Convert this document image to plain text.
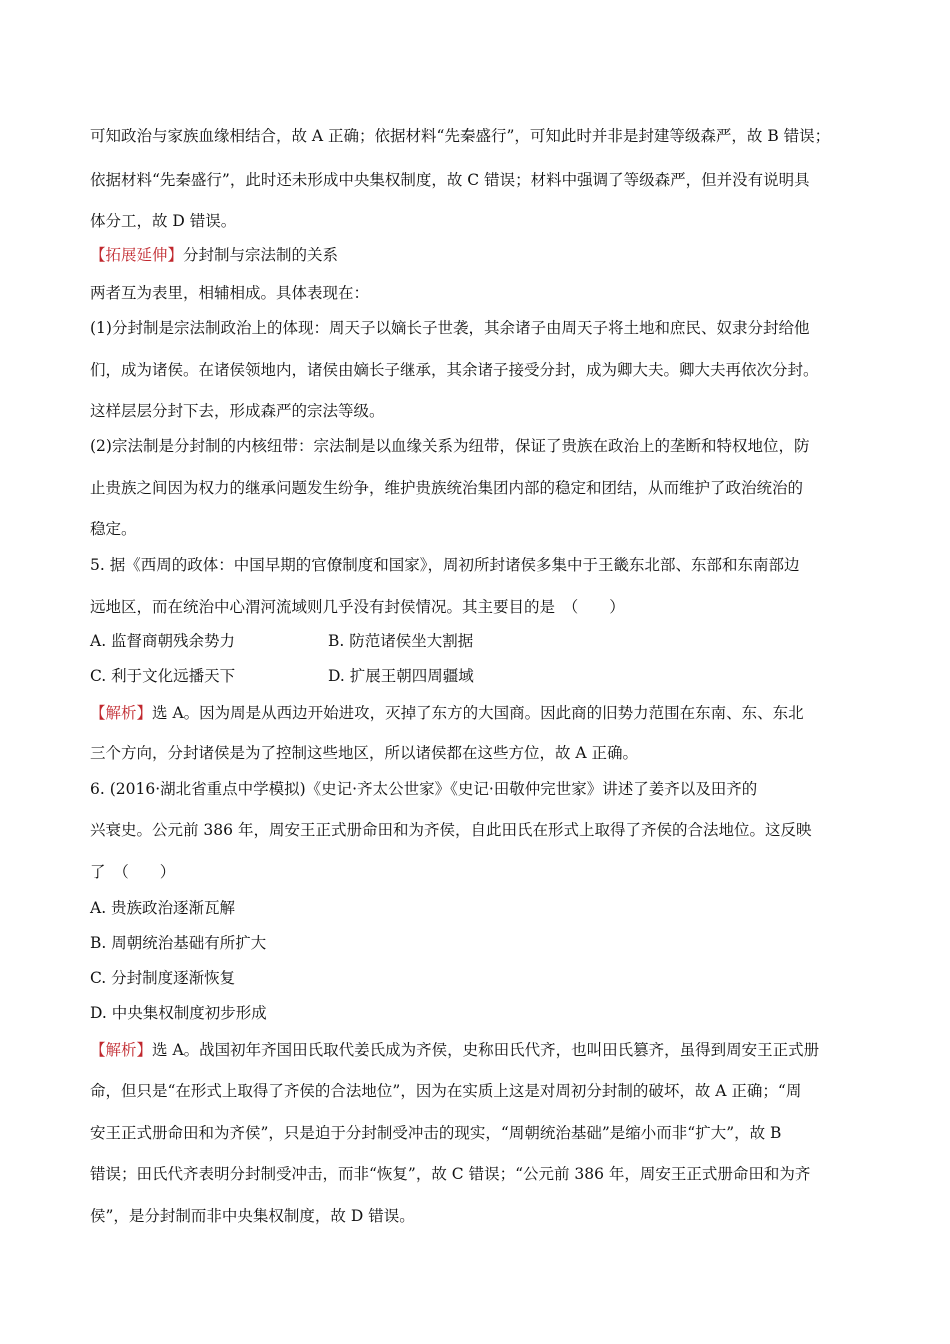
可知政治与家族血缘相结合，故 A 正确；依据材料“先秦盛行”，可知此时并非是封建等级森严，故 B 错误；
依据材料“先秦盛行”，此时还未形成中央集权制度，故 C 错误；材料中强调了等级森严，但并没有说明具
体分工，故 D 错误。
【拓展延伸】分封制与宗法制的关系
两者互为表里，相辅相成。具体表现在：
(1)分封制是宗法制政治上的体现：周天子以嫡长子世袭，其余诸子由周天子将土地和庶民、奴隶分封给他
们，成为诸侯。在诸侯领地内，诸侯由嫡长子继承，其余诸子接受分封，成为卿大夫。卿大夫再依次分封。
这样层层分封下去，形成森严的宗法等级。
(2)宗法制是分封制的内核纽带：宗法制是以血缘关系为纽带，保证了贵族在政治上的垄断和特权地位，防
止贵族之间因为权力的继承问题发生纷争，维护贵族统治集团内部的稳定和团结，从而维护了政治统治的
稳定。
5. 据《西周的政体：中国早期的官僚制度和国家》，周初所封诸侯多集中于王畿东北部、东部和东南部边
远地区，而在统治中心渭河流域则几乎没有封侯情况。其主要目的是　（　　）
A. 监督商朝残余势力	B. 防范诸侯坐大割据
C. 利于文化远播天下	D. 扩展王朝四周疆域
【解析】选 A。因为周是从西边开始进攻，灭掉了东方的大国商。因此商的旧势力范围在东南、东、东北
三个方向，分封诸侯是为了控制这些地区，所以诸侯都在这些方位，故 A 正确。
6. (2016·湖北省重点中学模拟)《史记·齐太公世家》《史记·田敬仲完世家》讲述了姜齐以及田齐的
兴衰史。公元前 386 年，周安王正式册命田和为齐侯，自此田氏在形式上取得了齐侯的合法地位。这反映
了　（　　）
A. 贵族政治逐渐瓦解
B. 周朝统治基础有所扩大
C. 分封制度逐渐恢复
D. 中央集权制度初步形成
【解析】选 A。战国初年齐国田氏取代姜氏成为齐侯，史称田氏代齐，也叫田氏篡齐，虽得到周安王正式册
命，但只是“在形式上取得了齐侯的合法地位”，因为在实质上这是对周初分封制的破坏，故 A 正确；“周
安王正式册命田和为齐侯”，只是迫于分封制受冲击的现实，“周朝统治基础”是缩小而非“扩大”，故 B
错误；田氏代齐表明分封制受冲击，而非“恢复”，故 C 错误；“公元前 386 年，周安王正式册命田和为齐
侯”，是分封制而非中央集权制度，故 D 错误。
